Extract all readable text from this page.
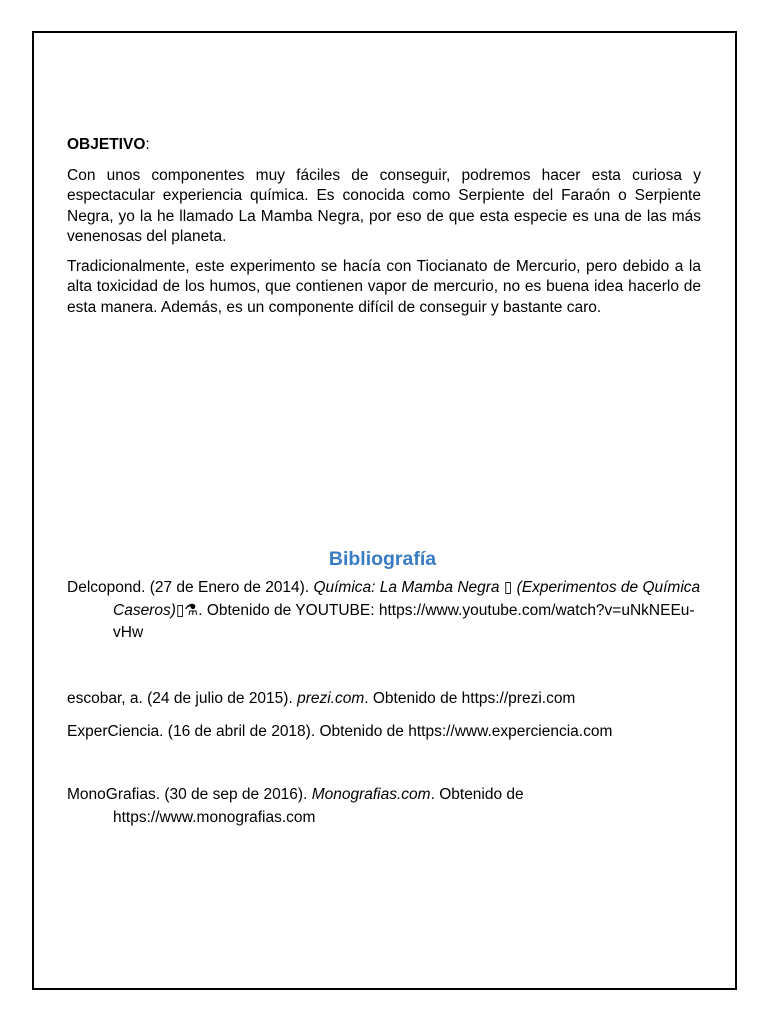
OBJETIVO:

Con unos componentes muy fáciles de conseguir, podremos hacer esta curiosa y espectacular experiencia química. Es conocida como Serpiente del Faraón o Serpiente Negra, yo la he llamado La Mamba Negra, por eso de que esta especie es una de las más venenosas del planeta.

Tradicionalmente, este experimento se hacía con Tiocianato de Mercurio, pero debido a la alta toxicidad de los humos, que contienen vapor de mercurio, no es buena idea hacerlo de esta manera. Además, es un componente difícil de conseguir y bastante caro.

Bibliografía

Delcopond. (27 de Enero de 2014). Química: La Mamba Negra ▯ (Experimentos de Química Caseros)▯⚗. Obtenido de YOUTUBE: https://www.youtube.com/watch?v=uNkNEEu-vHw

escobar, a. (24 de julio de 2015). prezi.com. Obtenido de https://prezi.com

ExperCiencia. (16 de abril de 2018). Obtenido de https://www.experciencia.com

MonoGrafias. (30 de sep de 2016). Monografias.com. Obtenido de https://www.monografias.com
